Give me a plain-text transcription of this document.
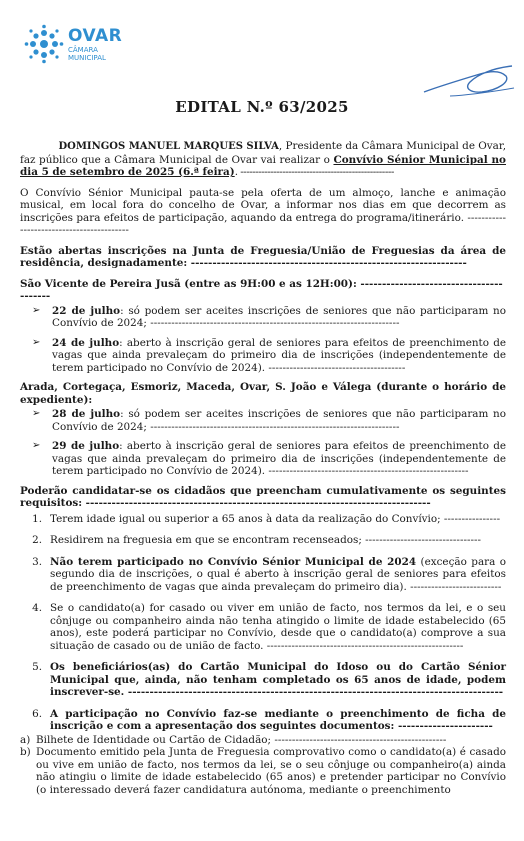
OVAR
CÂMARA
MUNICIPAL
EDITAL N.º 63/2025

DOMINGOS MANUEL MARQUES SILVA, Presidente da Câmara Municipal de Ovar,
faz público que a Câmara Municipal de Ovar vai realizar o Convívio Sénior Municipal no dia 5 de setembro de 2025 (6.ª feira). ---------------------------------------------------

O Convívio Sénior Municipal pauta-se pela oferta de um almoço, lanche e animação musical, em local fora do concelho de Ovar, a informar nos dias em que decorrem as inscrições para efeitos de participação, aquando da entrega do programa/itinerário. ------------------------------------------

Estão abertas inscrições na Junta de Freguesia/União de Freguesias da área de residência, designadamente: ----------------------------------------------------------------

São Vicente de Pereira Jusã (entre as 9H:00 e as 12H:00): ----------------------------------------

➢	22 de julho: só podem ser aceites inscrições de seniores que não participaram no Convívio de 2024; -----------------------------------------------------------------------
➢	24 de julho: aberto à inscrição geral de seniores para efeitos de preenchimento de vagas que ainda prevaleçam do primeiro dia de inscrições (independentemente de terem participado no Convívio de 2024). ---------------------------------------

Arada, Cortegaça, Esmoriz, Maceda, Ovar, S. João e Válega (durante o horário de expediente):

➢	28 de julho: só podem ser aceites inscrições de seniores que não participaram no Convívio de 2024; -----------------------------------------------------------------------
➢	29 de julho: aberto à inscrição geral de seniores para efeitos de preenchimento de vagas que ainda prevaleçam do primeiro dia de inscrições (independentemente de terem participado no Convívio de 2024). ---------------------------------------------------------

Poderão candidatar-se os cidadãos que preencham cumulativamente os seguintes requisitos: --------------------------------------------------------------------------------

1. Terem idade igual ou superior a 65 anos à data da realização do Convívio; ----------------
2. Residirem na freguesia em que se encontram recenseados; ---------------------------------
3. Não terem participado no Convívio Sénior Municipal de 2024 (exceção para o segundo dia de inscrições, o qual é aberto à inscrição geral de seniores para efeitos de preenchimento de vagas que ainda prevaleçam do primeiro dia). --------------------------
4. Se o candidato(a) for casado ou viver em união de facto, nos termos da lei, e o seu cônjuge ou companheiro ainda não tenha atingido o limite de idade estabelecido (65 anos), este poderá participar no Convívio, desde que o candidato(a) comprove a sua situação de casado ou de união de facto. --------------------------------------------------------
5. Os beneficiários(as) do Cartão Municipal do Idoso ou do Cartão Sénior Municipal que, ainda, não tenham completado os 65 anos de idade, podem inscrever-se. ---------------------------------------------------------------------------------------
6. A participação no Convívio faz-se mediante o preenchimento de ficha de inscrição e com a apresentação dos seguintes documentos: ----------------------
a) Bilhete de Identidade ou Cartão de Cidadão; -------------------------------------------------
b) Documento emitido pela Junta de Freguesia comprovativo como o candidato(a) é casado ou vive em união de facto, nos termos da lei, se o seu cônjuge ou companheiro(a) ainda não atingiu o limite de idade estabelecido (65 anos) e pretender participar no Convívio (o interessado deverá fazer candidatura autónoma, mediante o preenchimento
